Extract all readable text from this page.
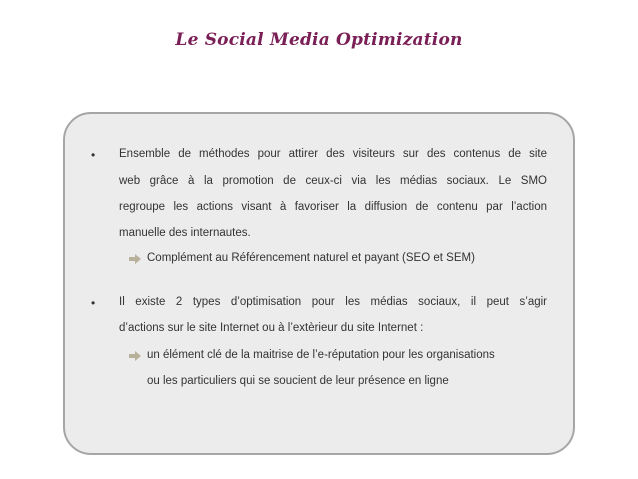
Le Social Media Optimization
• Ensemble de méthodes pour attirer des visiteurs sur des contenus de site
web grâce à la promotion de ceux-ci via les médias sociaux. Le SMO
regroupe les actions visant à favoriser la diffusion de contenu par l’action
manuelle des internautes.
Complément au Référencement naturel et payant (SEO et SEM)
• Il existe 2 types d’optimisation pour les médias sociaux, il peut s’agir
d’actions sur le site Internet ou à l’extèrieur du site Internet :
un élément clé de la maitrise de l’e-réputation pour les organisations
ou les particuliers qui se soucient de leur présence en ligne
